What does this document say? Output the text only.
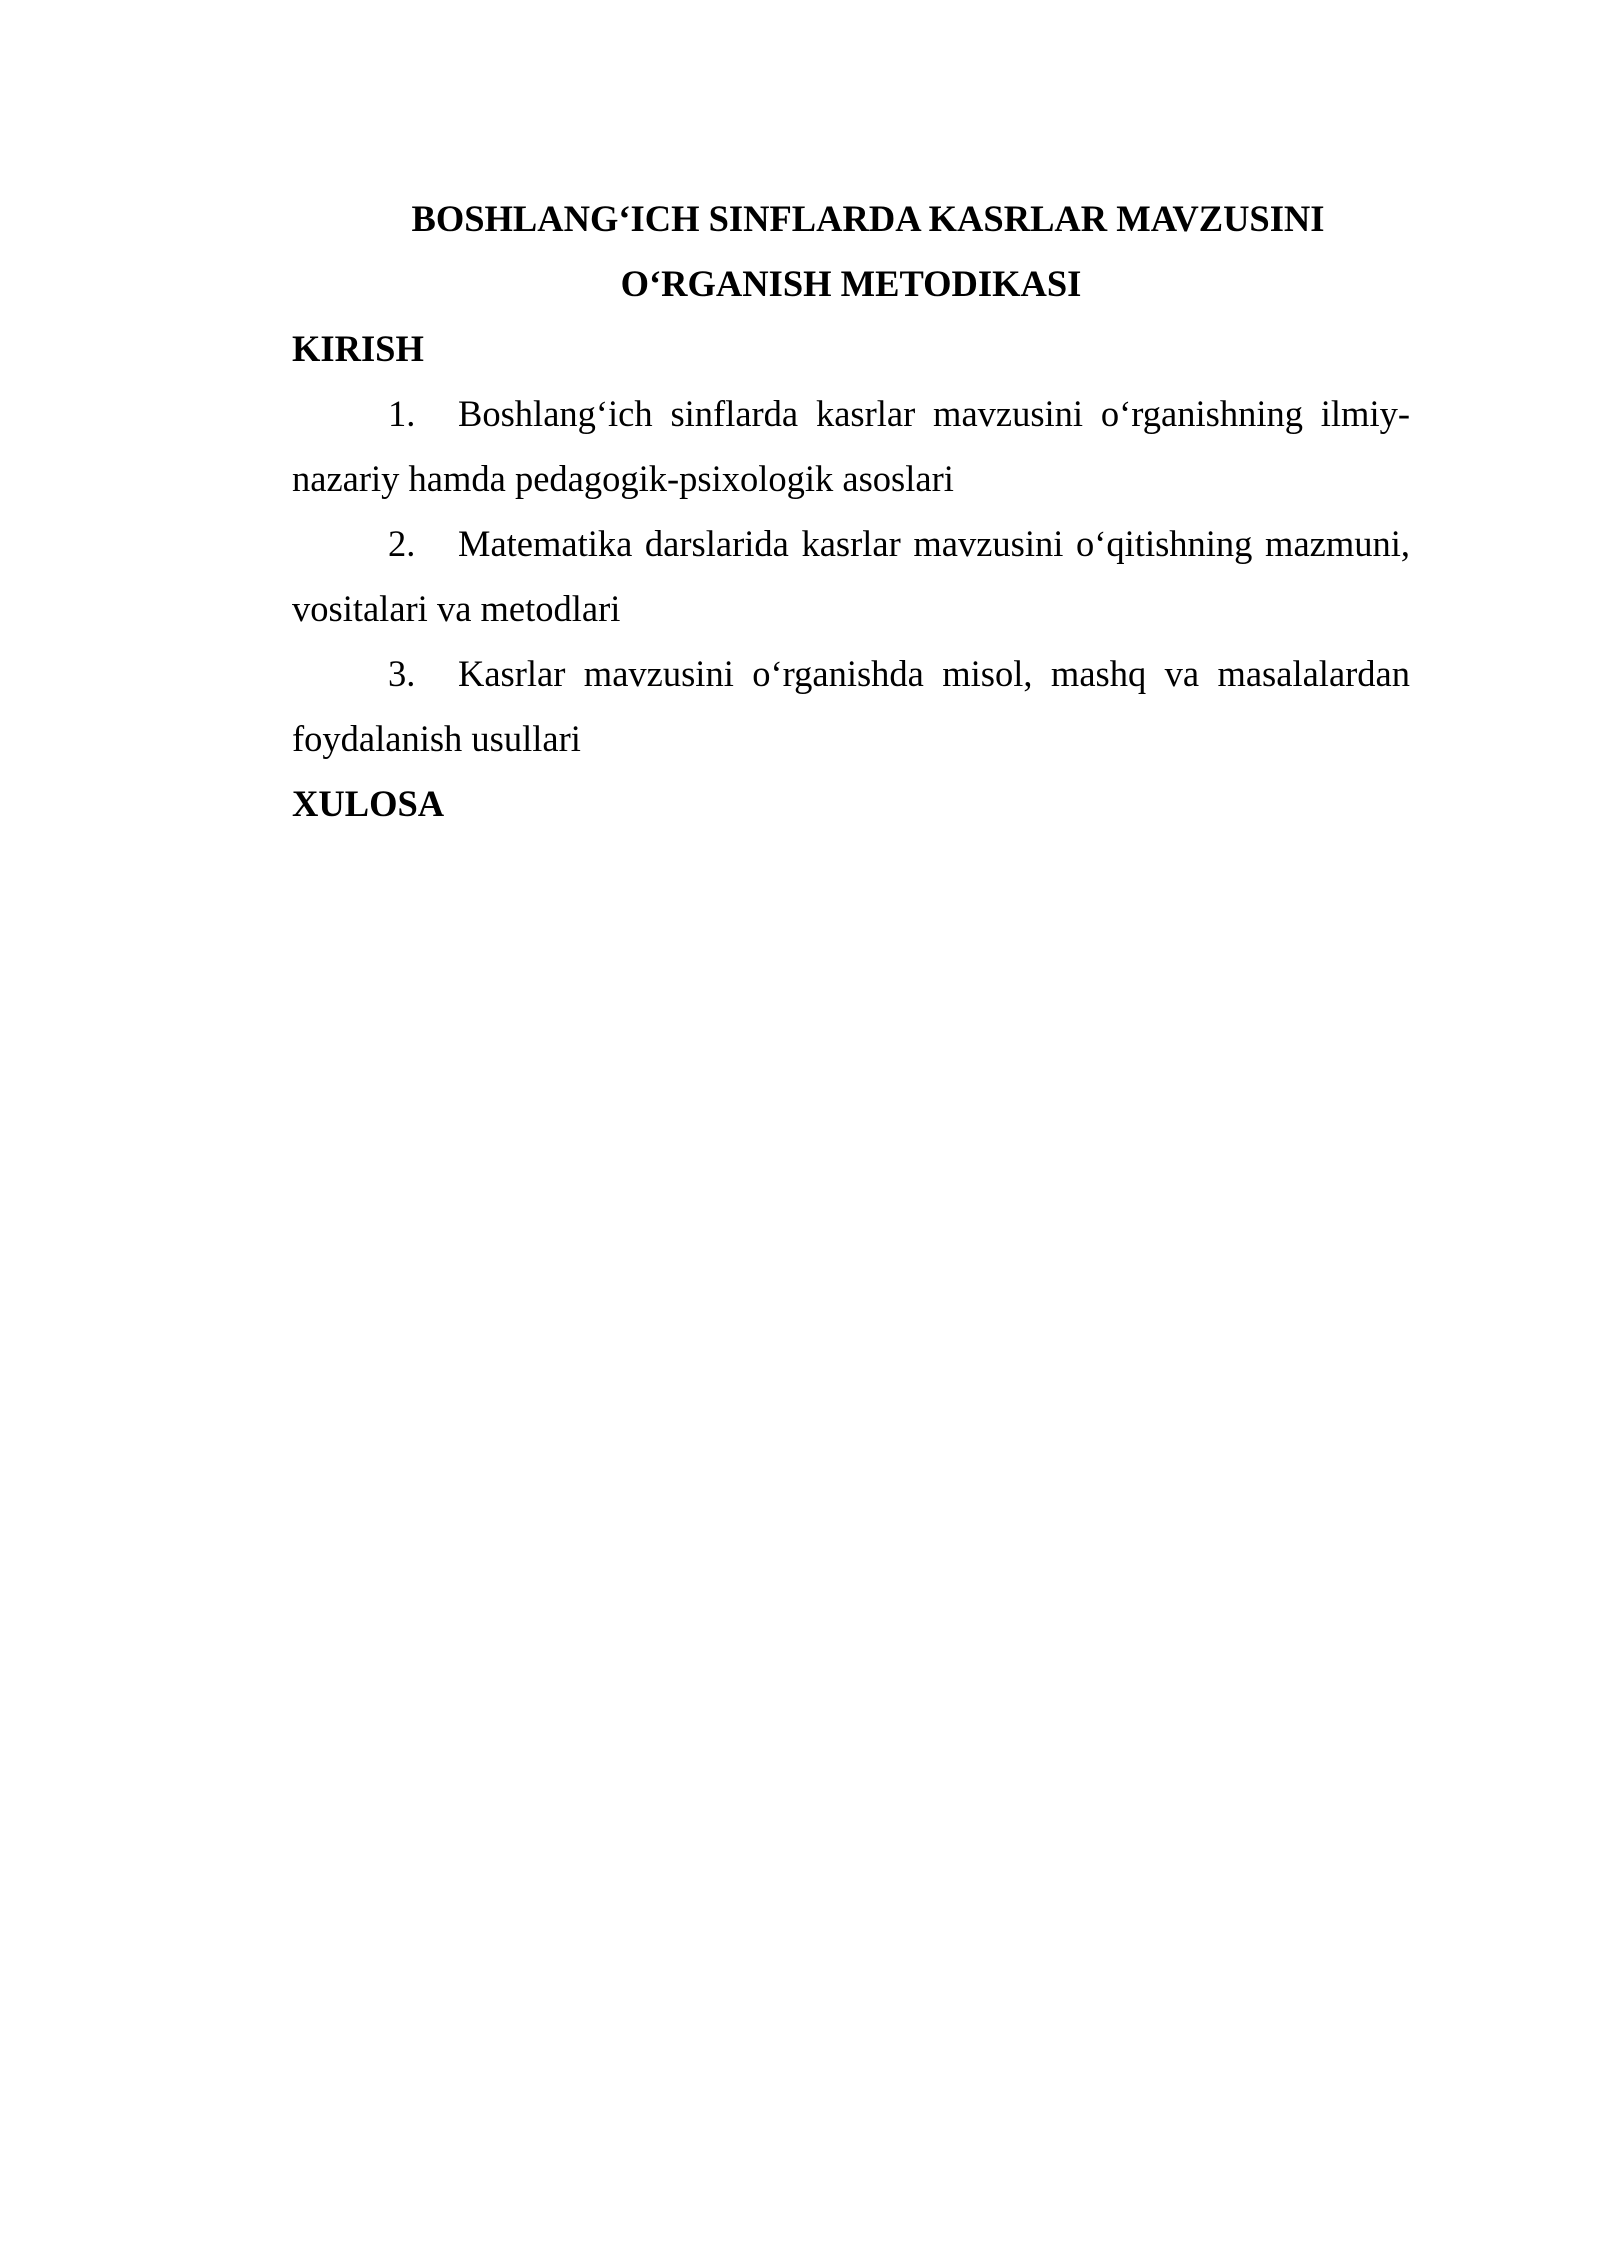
BOSHLANG‘ICH SINFLARDA KASRLAR MAVZUSINI
O‘RGANISH METODIKASI

KIRISH

1. Boshlang‘ich sinflarda kasrlar mavzusini o‘rganishning ilmiy-nazariy hamda pedagogik-psixologik asoslari

2. Matematika darslarida kasrlar mavzusini o‘qitishning mazmuni, vositalari va metodlari

3. Kasrlar mavzusini o‘rganishda misol, mashq va masalalardan foydalanish usullari

XULOSA
